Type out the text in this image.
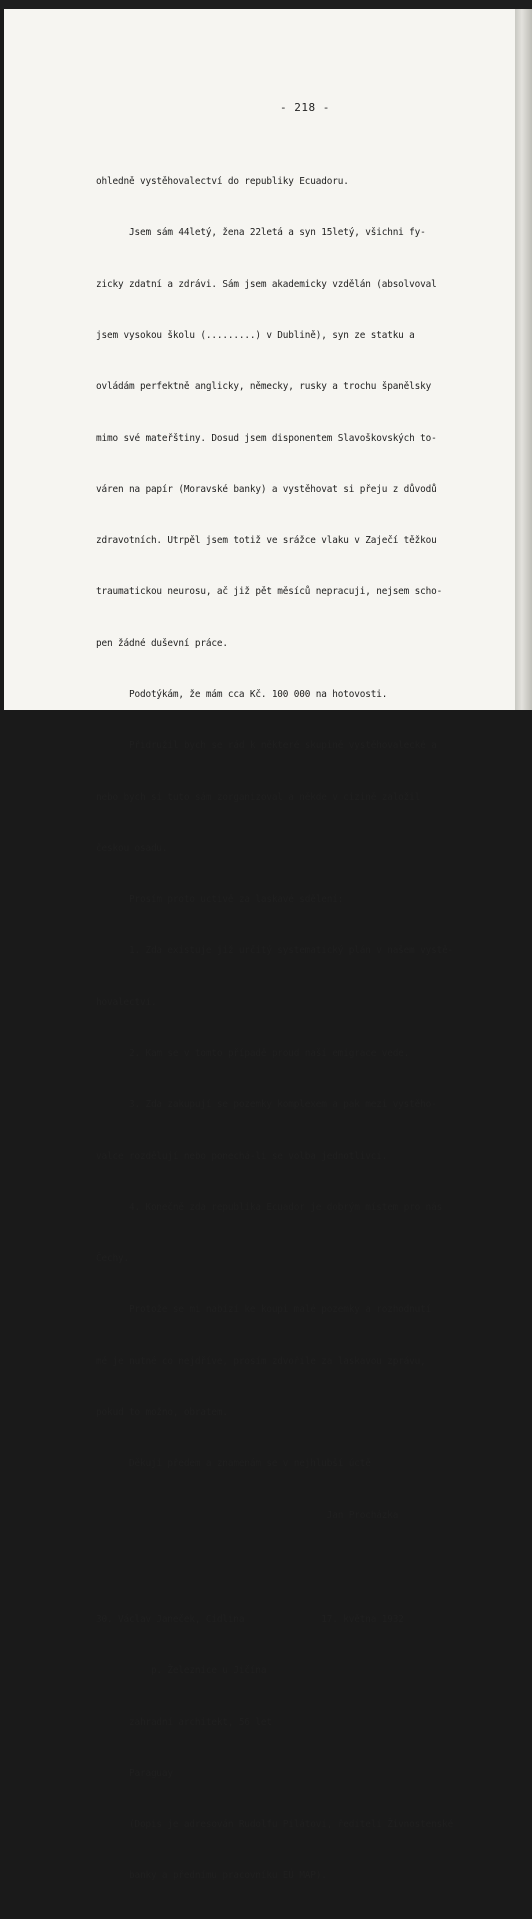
- 218 -

ohledně vystěhovalectví do republiky Ecuadoru.

Jsem sám 44letý, žena 22letá a syn 15letý, všichni fy-

zicky zdatní a zdrávi. Sám jsem akademicky vzdělán (absolvoval

jsem vysokou školu (.........) v Dublině), syn ze statku a

ovládám perfektně anglicky, německy, rusky a trochu španělsky

mimo své mateřštiny. Dosud jsem disponentem Slavoškovských to-

váren na papír (Moravské banky) a vystěhovat si přeju z důvodů

zdravotních. Utrpěl jsem totiž ve srážce vlaku v Zaječí těžkou

traumatickou neurosu, ač již pět měsíců nepracuji, nejsem scho-

pen žádné duševní práce.

Podotýkám, že mám cca Kč. 100 000 na hotovosti.

Přidružil bych se rád k některé skupině vystěhovalecké a

nebo bych si tuto sám zorganizoval a někde v cizině založil

českou osadu.

Prosím proto uctivě za laskavé sdělení:

1. Zda existuje již určitý systematický plán v našem vystě-

hovalectví.

2. Kam se v tomto případě proud naší emigrace vede.

3. Zda zakupují se pozemky komplexem a pak mezi vystěho-

valce rozdělují nebo ponechá-li se volba jednotlivci.

4. Konečně zda republika Ecuador je dobrým místem pro nás

Čechy.

Protože se mi nabízí ke koupi malé pozemky a rozhodnutí

mé je nutné co nejdříve, prosím zdvořile za laskavou zprávu,

pokud to možno, obratem.

Děkuji předem a znamenám se v nejhlubší úctě

Jan Procházka

30. Václav Janeček, Cidlina              17. května 1932

p. Železnice u Jičína

zahradní architekt, 56 let

Paraguay

(Dopis je adresován Rudolfu Pilátovi, řediteli Živnostenské

banky a přednímu pracovníku EÚ MAP).
